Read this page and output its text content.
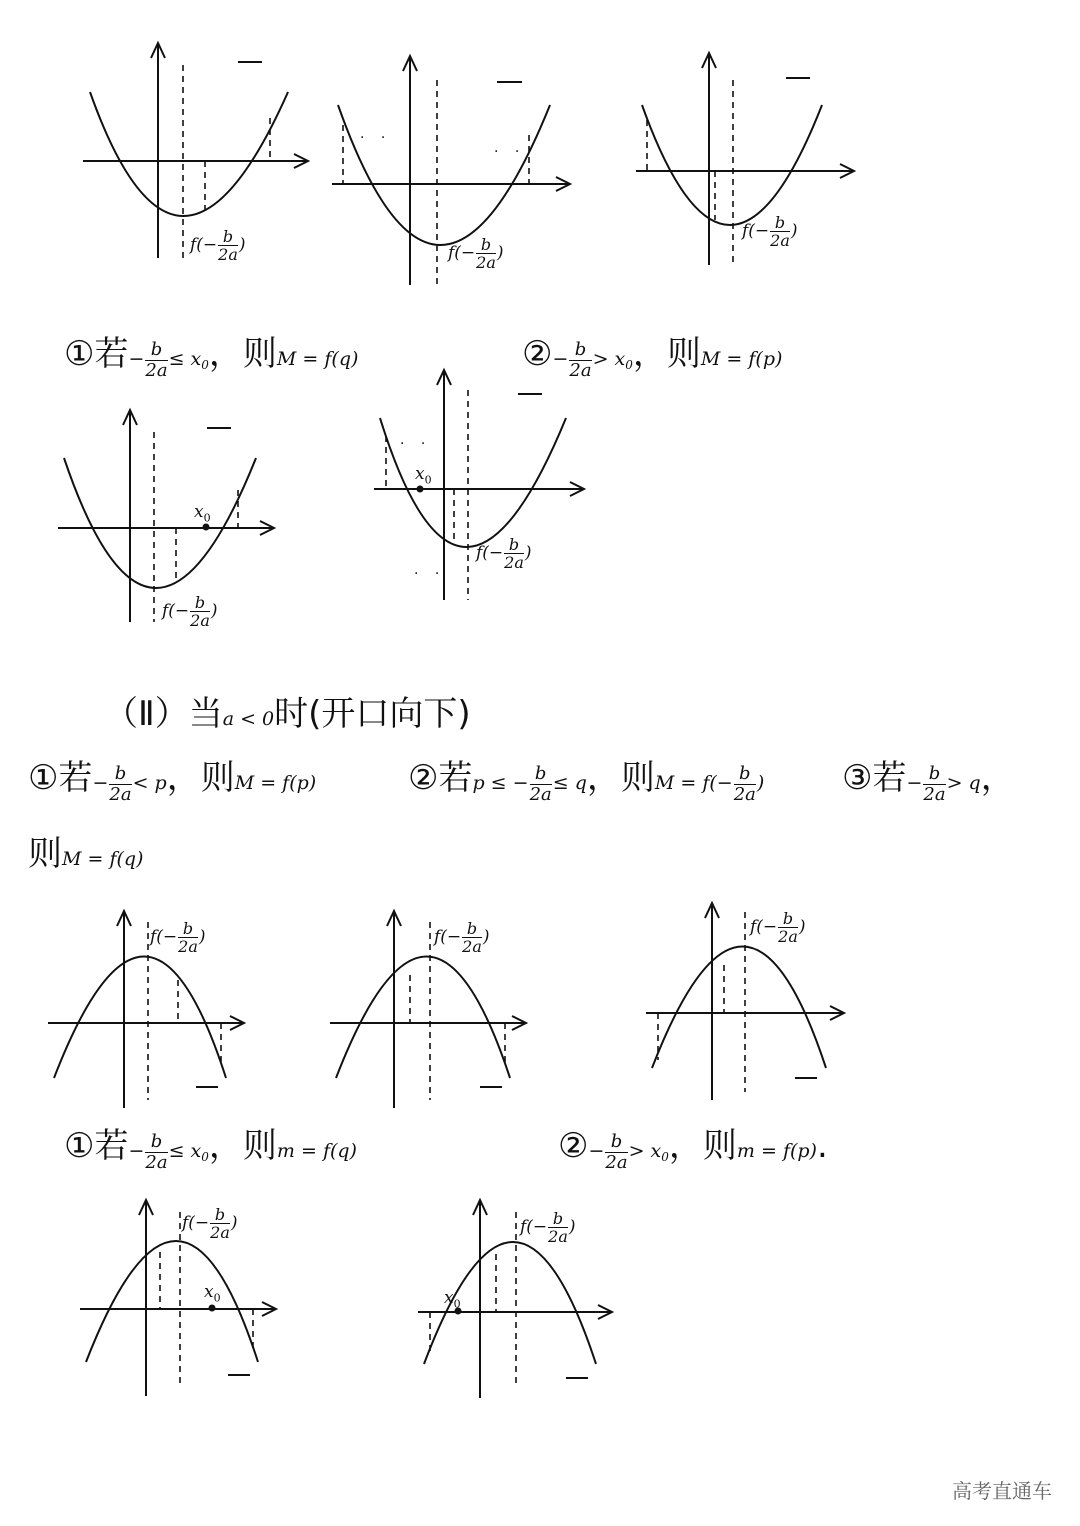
$f(- \frac{b}{2a}$ )
. .
. .
$f(- \frac{b}{2a}$ )
$f(- \frac{b}{2a}$ )
①若− $\frac{b}{2a} \le x_0$，则M = f(q)	②− $\frac{b}{2a} > x_0$，则M = f(p)
$x_0$
$f(- \frac{b}{2a}$ )
. .
. .
$x_0$
$f(- \frac{b}{2a}$ )
（Ⅱ）当a < 0时(开口向下)
①若− $\frac{b}{2a} < p$，则M = f(p)	②若p ≤ − $\frac{b}{2a} \le q$，则$M = f(- \frac{b}{2a}$ ) ③若− $\frac{b}{2a} > q$，
则M = f(q)
$f(- \frac{b}{2a}$ )	$f(- \frac{b}{2a}$ )	$f(- \frac{b}{2a}$ )
①若− $\frac{b}{2a} \le x_0$，则m = f(q)	②− $\frac{b}{2a} > x_0$，则m = f(p).
$x_0$
$f(- \frac{b}{2a}$ )
$x_0$
$f(- \frac{b}{2a}$ )
高考直通车
